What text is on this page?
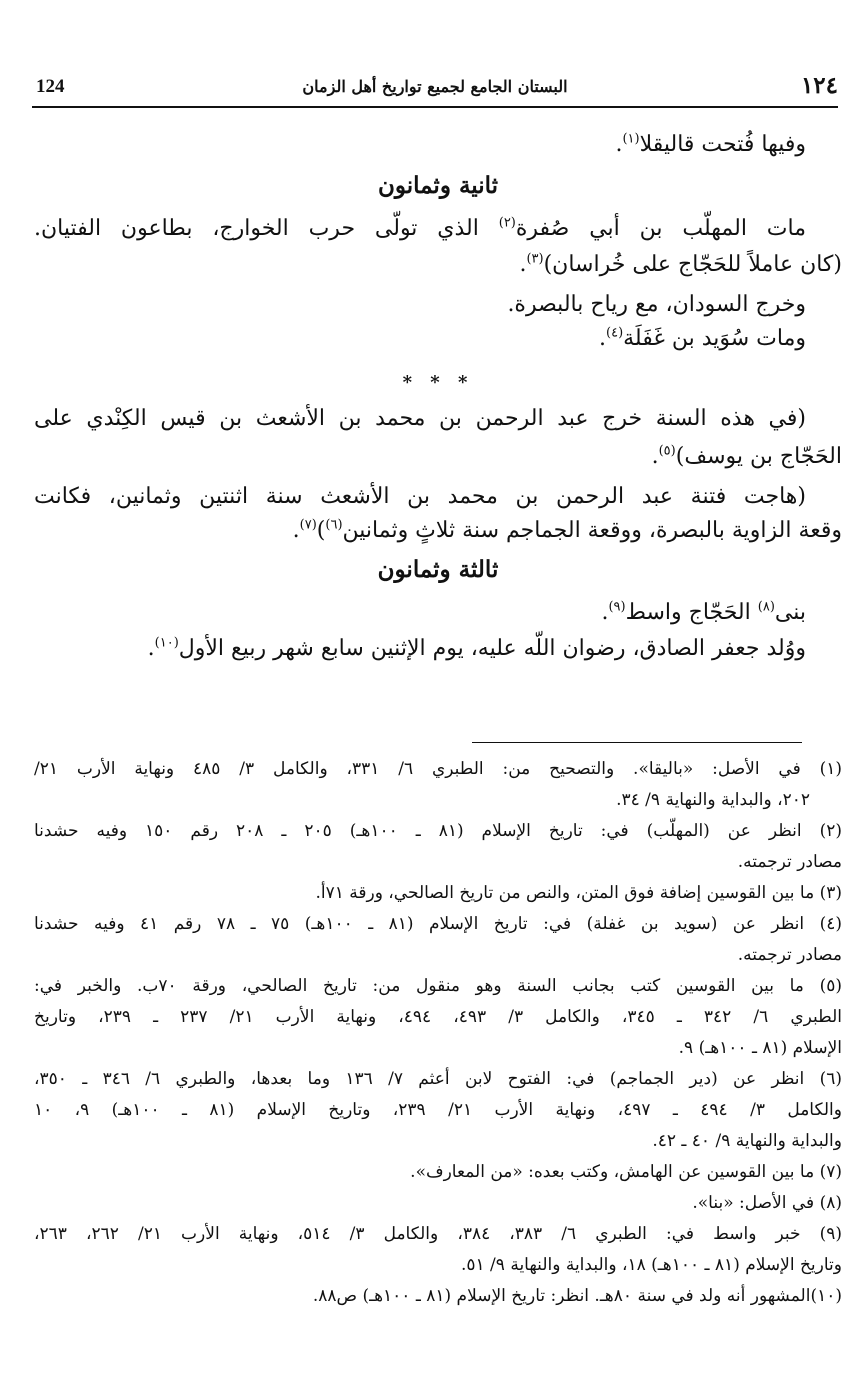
124	البستان الجامع لجميع تواريخ أهل الزمان	١٢٤

وفيها فُتحت قاليقلا$^{(١)}$.

ثانية وثمانون

مات المهلّب بن أبي صُفرة$^{(٢)}$ الذي تولّى حرب الخوارج، بطاعون الفتيان.

(كان عاملاً للحَجّاج على خُراسان)$^{(٣)}$.

وخرج السودان، مع رياح بالبصرة.

ومات سُوَيد بن غَفَلَة$^{(٤)}$.

* * *

(في هذه السنة خرج عبد الرحمن بن محمد بن الأشعث بن قيس الكِنْدي على

الحَجّاج بن يوسف)$^{(٥)}$.

(هاجت فتنة عبد الرحمن بن محمد بن الأشعث سنة اثنتين وثمانين، فكانت

وقعة الزاوية بالبصرة، ووقعة الجماجم سنة ثلاثٍ وثمانين$^{(٦)}$)$^{(٧)}$.

ثالثة وثمانون

بنى$^{(٨)}$ الحَجّاج واسط$^{(٩)}$.

ووُلد جعفر الصادق، رضوان اللّه عليه، يوم الإثنين سابع شهر ربيع الأول$^{(١٠)}$.

(١) في الأصل: «باليقا». والتصحيح من: الطبري ٦/ ٣٣١، والكامل ٣/ ٤٨٥ ونهاية الأرب ٢١/

٢٠٢، والبداية والنهاية ٩/ ٣٤.

(٢) انظر عن (المهلّب) في: تاريخ الإسلام (٨١ ـ ١٠٠هـ) ٢٠٥ ـ ٢٠٨ رقم ١٥٠ وفيه حشدنا

مصادر ترجمته.

(٣) ما بين القوسين إضافة فوق المتن، والنص من تاريخ الصالحي، ورقة ٧١أ.

(٤) انظر عن (سويد بن غفلة) في: تاريخ الإسلام (٨١ ـ ١٠٠هـ) ٧٥ ـ ٧٨ رقم ٤١ وفيه حشدنا

مصادر ترجمته.

(٥) ما بين القوسين كتب بجانب السنة وهو منقول من: تاريخ الصالحي، ورقة ٧٠ب. والخبر في:

الطبري ٦/ ٣٤٢ ـ ٣٤٥، والكامل ٣/ ٤٩٣، ٤٩٤، ونهاية الأرب ٢١/ ٢٣٧ ـ ٢٣٩، وتاريخ

الإسلام (٨١ ـ ١٠٠هـ) ٩.

(٦) انظر عن (دير الجماجم) في: الفتوح لابن أعثم ٧/ ١٣٦ وما بعدها، والطبري ٦/ ٣٤٦ ـ ٣٥٠،

والكامل ٣/ ٤٩٤ ـ ٤٩٧، ونهاية الأرب ٢١/ ٢٣٩، وتاريخ الإسلام (٨١ ـ ١٠٠هـ) ٩، ١٠

والبداية والنهاية ٩/ ٤٠ ـ ٤٢.

(٧) ما بين القوسين عن الهامش، وكتب بعده: «من المعارف».

(٨) في الأصل: «بنا».

(٩) خبر واسط في: الطبري ٦/ ٣٨٣، ٣٨٤، والكامل ٣/ ٥١٤، ونهاية الأرب ٢١/ ٢٦٢، ٢٦٣،

وتاريخ الإسلام (٨١ ـ ١٠٠هـ) ١٨، والبداية والنهاية ٩/ ٥١.

(١٠)المشهور أنه ولد في سنة ٨٠هـ. انظر: تاريخ الإسلام (٨١ ـ ١٠٠هـ) ص٨٨.
